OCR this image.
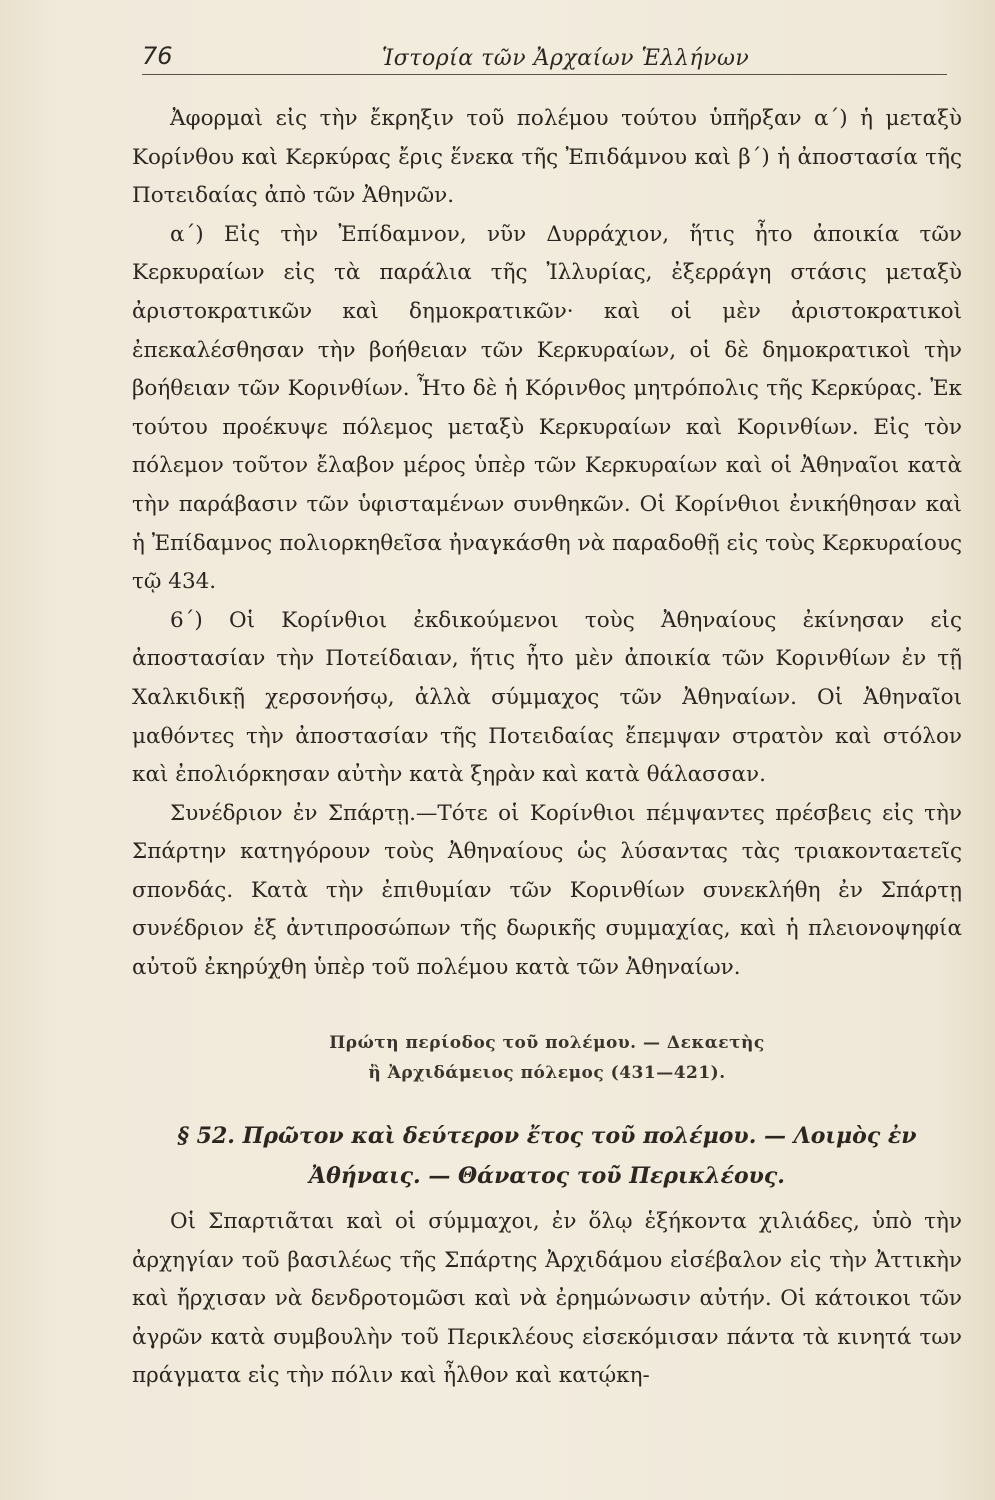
76	Ἱστορία τῶν Ἀρχαίων Ἑλλήνων

Ἀφορμαὶ εἰς τὴν ἔκρηξιν τοῦ πολέμου τούτου ὑπῆρξαν α΄) ἡ μεταξὺ Κορίνθου καὶ Κερκύρας ἔρις ἕνεκα τῆς Ἐπιδάμνου καὶ β΄) ἡ ἀποστασία τῆς Ποτειδαίας ἀπὸ τῶν Ἀθηνῶν.

α΄) Εἰς τὴν Ἐπίδαμνον, νῦν Δυρράχιον, ἥτις ἦτο ἀποικία τῶν Κερκυραίων εἰς τὰ παράλια τῆς Ἰλλυρίας, ἐξερράγη στάσις μεταξὺ ἀριστοκρατικῶν καὶ δημοκρατικῶν· καὶ οἱ μὲν ἀριστοκρατικοὶ ἐπεκαλέσθησαν τὴν βοήθειαν τῶν Κερκυραίων, οἱ δὲ δημοκρατικοὶ τὴν βοήθειαν τῶν Κορινθίων. Ἦτο δὲ ἡ Κόρινθος μητρόπολις τῆς Κερκύρας. Ἐκ τούτου προέκυψε πόλεμος μεταξὺ Κερκυραίων καὶ Κορινθίων. Εἰς τὸν πόλεμον τοῦτον ἔλαβον μέρος ὑπὲρ τῶν Κερκυραίων καὶ οἱ Ἀθηναῖοι κατὰ τὴν παράβασιν τῶν ὑφισταμένων συνθηκῶν. Οἱ Κορίνθιοι ἐνικήθησαν καὶ ἡ Ἐπίδαμνος πολιορκηθεῖσα ἠναγκάσθη νὰ παραδοθῇ εἰς τοὺς Κερκυραίους τῷ 434.

6΄) Οἱ Κορίνθιοι ἐκδικούμενοι τοὺς Ἀθηναίους ἐκίνησαν εἰς ἀποστασίαν τὴν Ποτείδαιαν, ἥτις ἦτο μὲν ἀποικία τῶν Κορινθίων ἐν τῇ Χαλκιδικῇ χερσονήσῳ, ἀλλὰ σύμμαχος τῶν Ἀθηναίων. Οἱ Ἀθηναῖοι μαθόντες τὴν ἀποστασίαν τῆς Ποτειδαίας ἔπεμψαν στρατὸν καὶ στόλον καὶ ἐπολιόρκησαν αὐτὴν κατὰ ξηρὰν καὶ κατὰ θάλασσαν.

Συνέδριον ἐν Σπάρτῃ.—Τότε οἱ Κορίνθιοι πέμψαντες πρέσβεις εἰς τὴν Σπάρτην κατηγόρουν τοὺς Ἀθηναίους ὡς λύσαντας τὰς τριακονταετεῖς σπονδάς. Κατὰ τὴν ἐπιθυμίαν τῶν Κορινθίων συνεκλήθη ἐν Σπάρτῃ συνέδριον ἐξ ἀντιπροσώπων τῆς δωρικῆς συμμαχίας, καὶ ἡ πλειονοψηφία αὐτοῦ ἐκηρύχθη ὑπὲρ τοῦ πολέμου κατὰ τῶν Ἀθηναίων.

Πρώτη περίοδος τοῦ πολέμου. — Δεκαετὴς
ἢ Ἀρχιδάμειος πόλεμος (431—421).
§ 52. Πρῶτον καὶ δεύτερον ἔτος τοῦ πολέμου. — Λοιμὸς ἐν
Ἀθήναις. — Θάνατος τοῦ Περικλέους.

Οἱ Σπαρτιᾶται καὶ οἱ σύμμαχοι, ἐν ὅλῳ ἑξήκοντα χιλιάδες, ὑπὸ τὴν ἀρχηγίαν τοῦ βασιλέως τῆς Σπάρτης Ἀρχιδάμου εἰσέβαλον εἰς τὴν Ἀττικὴν καὶ ἤρχισαν νὰ δενδροτομῶσι καὶ νὰ ἐρημώνωσιν αὐτήν. Οἱ κάτοικοι τῶν ἀγρῶν κατὰ συμβουλὴν τοῦ Περικλέους εἰσεκόμισαν πάντα τὰ κινητά των πράγματα εἰς τὴν πόλιν καὶ ἦλθον καὶ κατῴκη-
